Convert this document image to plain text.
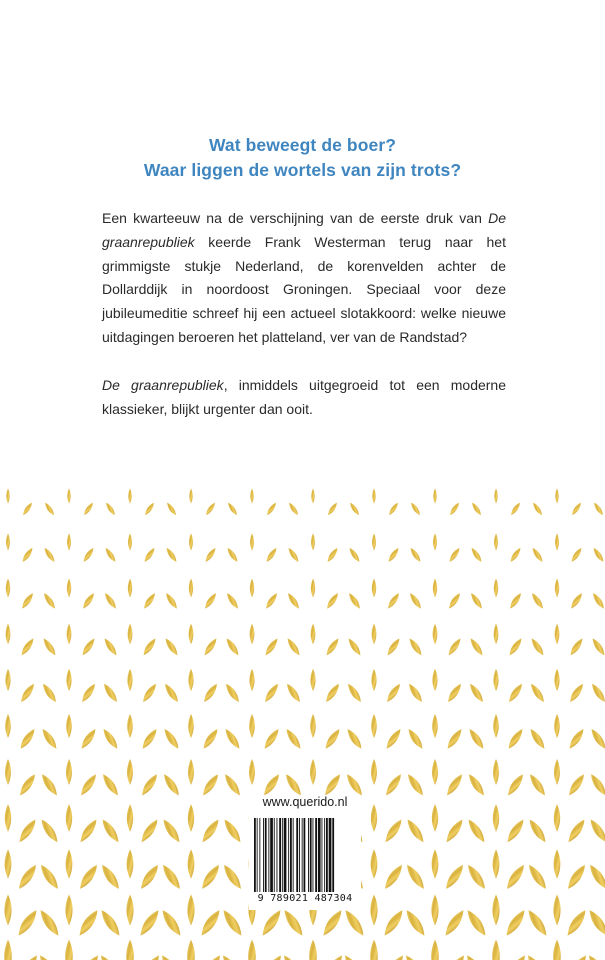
Wat beweegt de boer?
Waar liggen de wortels van zijn trots?

Een kwarteeuw na de verschijning van de eerste druk van De graanrepubliek keerde Frank Westerman terug naar het grimmigste stukje Nederland, de korenvelden achter de Dollarddijk in noordoost Groningen. Speciaal voor deze jubileumeditie schreef hij een actueel slotakkoord: welke nieuwe uitdagingen beroeren het platteland, ver van de Randstad?

De graanrepubliek, inmiddels uitgegroeid tot een moderne klassieker, blijkt urgenter dan ooit.

www.querido.nl
9 789021 487304
